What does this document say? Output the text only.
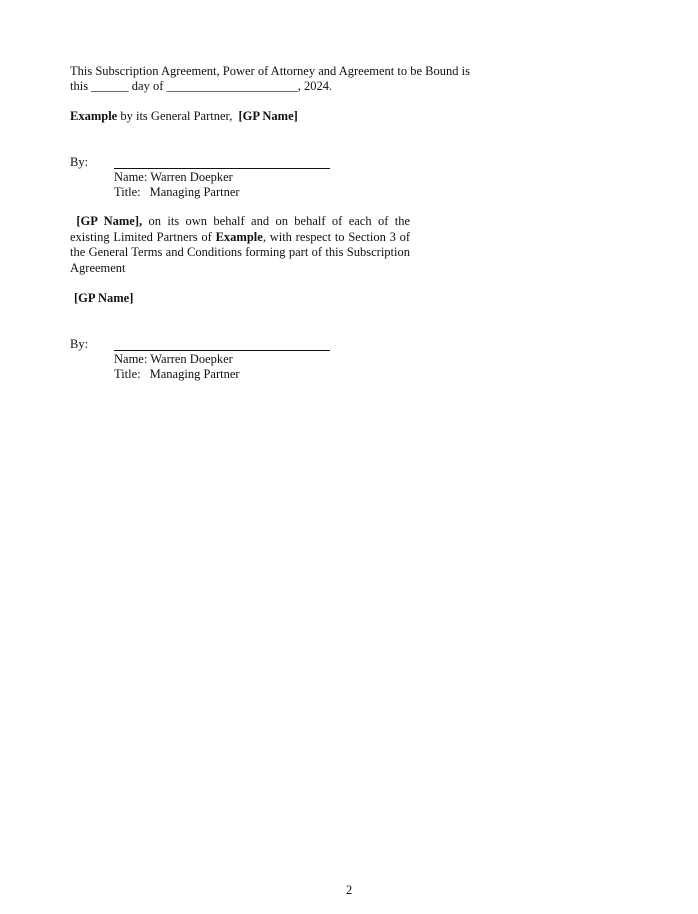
This Subscription Agreement, Power of Attorney and Agreement to be Bound is
this ______ day of _____________________, 2024.
Example by its General Partner, [GP Name]
By:
Name: Warren Doepker
Title: Managing Partner
[GP Name], on its own behalf and on behalf of each of the existing Limited Partners of Example, with respect to Section 3 of the General Terms and Conditions forming part of this Subscription Agreement
[GP Name]
By:
Name: Warren Doepker
Title: Managing Partner
2
